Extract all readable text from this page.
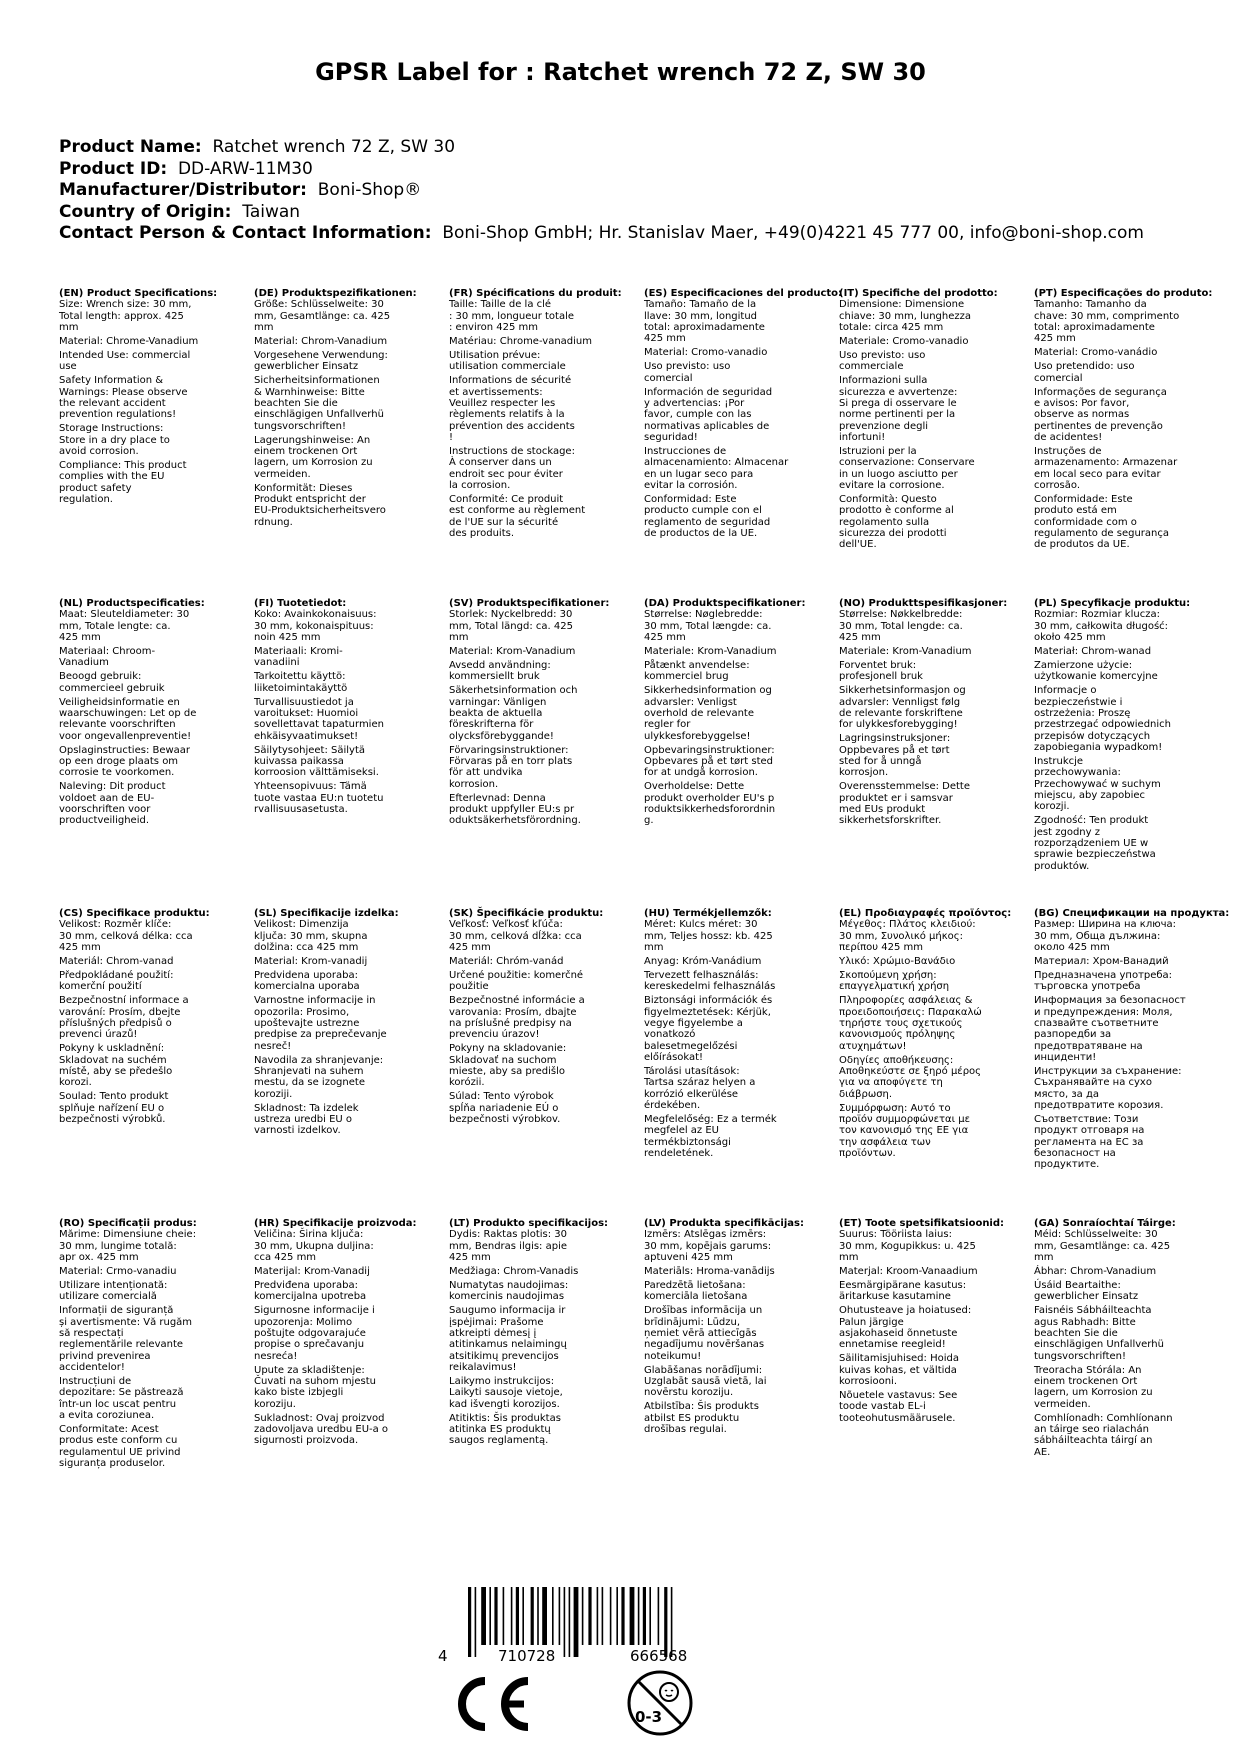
GPSR Label for : Ratchet wrench 72 Z, SW 30
Product Name: Ratchet wrench 72 Z, SW 30
Product ID: DD-ARW-11M30
Manufacturer/Distributor: Boni-Shop®
Country of Origin: Taiwan
Contact Person & Contact Information: Boni-Shop GmbH; Hr. Stanislav Maer, +49(0)4221 45 777 00, info@boni-shop.com
(EN) Product Specifications:

Size: Wrench size: 30 mm,
Total length: approx. 425
mm

Material: Chrome-Vanadium

Intended Use: commercial
use

Safety Information &
Warnings: Please observe
the relevant accident
prevention regulations!

Storage Instructions:
Store in a dry place to
avoid corrosion.

Compliance: This product
complies with the EU
product safety
regulation.

(DE) Produktspezifikationen:

Größe: Schlüsselweite: 30
mm, Gesamtlänge: ca. 425
mm

Material: Chrom-Vanadium

Vorgesehene Verwendung:
gewerblicher Einsatz

Sicherheitsinformationen
& Warnhinweise: Bitte
beachten Sie die
einschlägigen Unfallverhü
tungsvorschriften!

Lagerungshinweise: An
einem trockenen Ort
lagern, um Korrosion zu
vermeiden.

Konformität: Dieses
Produkt entspricht der
EU-Produktsicherheitsvero
rdnung.

(FR) Spécifications du produit:

Taille: Taille de la clé
: 30 mm, longueur totale
: environ 425 mm

Matériau: Chrome-vanadium

Utilisation prévue:
utilisation commerciale

Informations de sécurité
et avertissements:
Veuillez respecter les
règlements relatifs à la
prévention des accidents
!

Instructions de stockage:
À conserver dans un
endroit sec pour éviter
la corrosion.

Conformité: Ce produit
est conforme au règlement
de l'UE sur la sécurité
des produits.

(ES) Especificaciones del producto:

Tamaño: Tamaño de la
llave: 30 mm, longitud
total: aproximadamente
425 mm

Material: Cromo-vanadio

Uso previsto: uso
comercial

Información de seguridad
y advertencias: ¡Por
favor, cumple con las
normativas aplicables de
seguridad!

Instrucciones de
almacenamiento: Almacenar
en un lugar seco para
evitar la corrosión.

Conformidad: Este
producto cumple con el
reglamento de seguridad
de productos de la UE.

(IT) Specifiche del prodotto:

Dimensione: Dimensione
chiave: 30 mm, lunghezza
totale: circa 425 mm

Materiale: Cromo-vanadio

Uso previsto: uso
commerciale

Informazioni sulla
sicurezza e avvertenze:
Si prega di osservare le
norme pertinenti per la
prevenzione degli
infortuni!

Istruzioni per la
conservazione: Conservare
in un luogo asciutto per
evitare la corrosione.

Conformità: Questo
prodotto è conforme al
regolamento sulla
sicurezza dei prodotti
dell'UE.

(PT) Especificações do produto:

Tamanho: Tamanho da
chave: 30 mm, comprimento
total: aproximadamente
425 mm

Material: Cromo-vanádio

Uso pretendido: uso
comercial

Informações de segurança
e avisos: Por favor,
observe as normas
pertinentes de prevenção
de acidentes!

Instruções de
armazenamento: Armazenar
em local seco para evitar
corrosão.

Conformidade: Este
produto está em
conformidade com o
regulamento de segurança
de produtos da UE.

(NL) Productspecificaties:

Maat: Sleuteldiameter: 30
mm, Totale lengte: ca.
425 mm

Materiaal: Chroom-
Vanadium

Beoogd gebruik:
commercieel gebruik

Veiligheidsinformatie en
waarschuwingen: Let op de
relevante voorschriften
voor ongevallenpreventie!

Opslaginstructies: Bewaar
op een droge plaats om
corrosie te voorkomen.

Naleving: Dit product
voldoet aan de EU-
voorschriften voor
productveiligheid.

(FI) Tuotetiedot:

Koko: Avainkokonaisuus:
30 mm, kokonaispituus:
noin 425 mm

Materiaali: Kromi-
vanadiini

Tarkoitettu käyttö:
liiketoimintakäyttö

Turvallisuustiedot ja
varoitukset: Huomioi
sovellettavat tapaturmien
ehkäisyvaatimukset!

Säilytysohjeet: Säilytä
kuivassa paikassa
korroosion välttämiseksi.

Yhteensopivuus: Tämä
tuote vastaa EU:n tuotetu
rvallisuusasetusta.

(SV) Produktspecifikationer:

Storlek: Nyckelbredd: 30
mm, Total längd: ca. 425
mm

Material: Krom-Vanadium

Avsedd användning:
kommersiellt bruk

Säkerhetsinformation och
varningar: Vänligen
beakta de aktuella
föreskrifterna för
olycksförebyggande!

Förvaringsinstruktioner:
Förvaras på en torr plats
för att undvika
korrosion.

Efterlevnad: Denna
produkt uppfyller EU:s pr
oduktsäkerhetsförordning.

(DA) Produktspecifikationer:

Størrelse: Nøglebredde:
30 mm, Total længde: ca.
425 mm

Materiale: Krom-Vanadium

Påtænkt anvendelse:
kommerciel brug

Sikkerhedsinformation og
advarsler: Venligst
overhold de relevante
regler for
ulykkesforebyggelse!

Opbevaringsinstruktioner:
Opbevares på et tørt sted
for at undgå korrosion.

Overholdelse: Dette
produkt overholder EU's p
roduktsikkerhedsforordnin
g.

(NO) Produkttspesifikasjoner:

Størrelse: Nøkkelbredde:
30 mm, Total lengde: ca.
425 mm

Materiale: Krom-Vanadium

Forventet bruk:
profesjonell bruk

Sikkerhetsinformasjon og
advarsler: Vennligst følg
de relevante forskriftene
for ulykkesforebygging!

Lagringsinstruksjoner:
Oppbevares på et tørt
sted for å unngå
korrosjon.

Overensstemmelse: Dette
produktet er i samsvar
med EUs produkt
sikkerhetsforskrifter.

(PL) Specyfikacje produktu:

Rozmiar: Rozmiar klucza:
30 mm, całkowita długość:
około 425 mm

Materiał: Chrom-wanad

Zamierzone użycie:
użytkowanie komercyjne

Informacje o
bezpieczeństwie i
ostrzeżenia: Proszę
przestrzegać odpowiednich
przepisów dotyczących
zapobiegania wypadkom!

Instrukcje
przechowywania:
Przechowywać w suchym
miejscu, aby zapobiec
korozji.

Zgodność: Ten produkt
jest zgodny z
rozporządzeniem UE w
sprawie bezpieczeństwa
produktów.

(CS) Specifikace produktu:

Velikost: Rozměr klíče:
30 mm, celková délka: cca
425 mm

Materiál: Chrom-vanad

Předpokládané použití:
komerční použití

Bezpečnostní informace a
varování: Prosím, dbejte
příslušných předpisů o
prevenci úrazů!

Pokyny k uskladnění:
Skladovat na suchém
místě, aby se předešlo
korozi.

Soulad: Tento produkt
splňuje nařízení EU o
bezpečnosti výrobků.

(SL) Specifikacije izdelka:

Velikost: Dimenzija
ključa: 30 mm, skupna
dolžina: cca 425 mm

Material: Krom-vanadij

Predvidena uporaba:
komercialna uporaba

Varnostne informacije in
opozorila: Prosimo,
upoštevajte ustrezne
predpise za preprečevanje
nesreč!

Navodila za shranjevanje:
Shranjevati na suhem
mestu, da se izognete
koroziji.

Skladnost: Ta izdelek
ustreza uredbi EU o
varnosti izdelkov.

(SK) Špecifikácie produktu:

Veľkosť: Veľkosť kľúča:
30 mm, celková dĺžka: cca
425 mm

Materiál: Chróm-vanád

Určené použitie: komerčné
použitie

Bezpečnostné informácie a
varovania: Prosím, dbajte
na príslušné predpisy na
prevenciu úrazov!

Pokyny na skladovanie:
Skladovať na suchom
mieste, aby sa predišlo
korózii.

Súlad: Tento výrobok
spĺňa nariadenie EÚ o
bezpečnosti výrobkov.

(HU) Termékjellemzők:

Méret: Kulcs méret: 30
mm, Teljes hossz: kb. 425
mm

Anyag: Króm-Vanádium

Tervezett felhasználás:
kereskedelmi felhasználás

Biztonsági információk és
figyelmeztetések: Kérjük,
vegye figyelembe a
vonatkozó
balesetmegelőzési
előírásokat!

Tárolási utasítások:
Tartsa száraz helyen a
korrózió elkerülése
érdekében.

Megfelelőség: Ez a termék
megfelel az EU
termékbiztonsági
rendeletének.

(EL) Προδιαγραφές προϊόντος:

Μέγεθος: Πλάτος κλειδιού:
30 mm, Συνολικό μήκος:
περίπου 425 mm

Υλικό: Χρώμιο-Βανάδιο

Σκοπούμενη χρήση:
επαγγελματική χρήση

Πληροφορίες ασφάλειας &
προειδοποιήσεις: Παρακαλώ
τηρήστε τους σχετικούς
κανονισμούς πρόληψης
ατυχημάτων!

Οδηγίες αποθήκευσης:
Αποθηκεύστε σε ξηρό μέρος
για να αποφύγετε τη
διάβρωση.

Συμμόρφωση: Αυτό το
προϊόν συμμορφώνεται με
τον κανονισμό της ΕΕ για
την ασφάλεια των
προϊόντων.

(BG) Спецификации на продукта:

Размер: Ширина на ключа:
30 mm, Обща дължина:
около 425 mm

Материал: Хром-Ванадий

Предназначена употреба:
търговска употреба

Информация за безопасност
и предупреждения: Моля,
спазвайте съответните
разпоредби за
предотвратяване на
инциденти!

Инструкции за съхранение:
Съхранявайте на сухо
място, за да
предотвратите корозия.

Съответствие: Този
продукт отговаря на
регламента на ЕС за
безопасност на
продуктите.

(RO) Specificații produs:

Mărime: Dimensiune cheie:
30 mm, lungime totală:
apr ox. 425 mm

Material: Crmo-vanadiu

Utilizare intenționată:
utilizare comercială

Informații de siguranță
și avertismente: Vă rugăm
să respectați
reglementările relevante
privind prevenirea
accidentelor!

Instrucțiuni de
depozitare: Se păstrează
într-un loc uscat pentru
a evita coroziunea.

Conformitate: Acest
produs este conform cu
regulamentul UE privind
siguranța produselor.

(HR) Specifikacije proizvoda:

Veličina: Širina ključa:
30 mm, Ukupna duljina:
cca 425 mm

Materijal: Krom-Vanadij

Predviđena uporaba:
komercijalna upotreba

Sigurnosne informacije i
upozorenja: Molimo
poštujte odgovarajuće
propise o sprečavanju
nesreća!

Upute za skladištenje:
Čuvati na suhom mjestu
kako biste izbjegli
koroziju.

Sukladnost: Ovaj proizvod
zadovoljava uredbu EU-a o
sigurnosti proizvoda.

(LT) Produkto specifikacijos:

Dydis: Raktas plotis: 30
mm, Bendras ilgis: apie
425 mm

Medžiaga: Chrom-Vanadis

Numatytas naudojimas:
komercinis naudojimas

Saugumo informacija ir
įspėjimai: Prašome
atkreipti dėmesį į
atitinkamus nelaimingų
atsitikimų prevencijos
reikalavimus!

Laikymo instrukcijos:
Laikyti sausoje vietoje,
kad išvengti korozijos.

Atitiktis: Šis produktas
atitinka ES produktų
saugos reglamentą.

(LV) Produkta specifikācijas:

Izmērs: Atslēgas izmērs:
30 mm, kopējais garums:
aptuveni 425 mm

Materiāls: Hroma-vanādijs

Paredzētā lietošana:
komerciāla lietošana

Drošības informācija un
brīdinājumi: Lūdzu,
ņemiet vērā attiecīgās
negadījumu novēršanas
noteikumu!

Glabāšanas norādījumi:
Uzglabāt sausā vietā, lai
novērstu koroziju.

Atbilstība: Šis produkts
atbilst ES produktu
drošības regulai.

(ET) Toote spetsifikatsioonid:

Suurus: Tööriista laius:
30 mm, Kogupikkus: u. 425
mm

Materjal: Kroom-Vanaadium

Eesmärgipärane kasutus:
äritarkuse kasutamine

Ohutusteave ja hoiatused:
Palun järgige
asjakohaseid õnnetuste
ennetamise reegleid!

Säilitamisjuhised: Hoida
kuivas kohas, et vältida
korrosiooni.

Nõuetele vastavus: See
toode vastab EL-i
tooteohutusmäärusele.

(GA) Sonraíochtaí Táirge:

Méid: Schlüsselweite: 30
mm, Gesamtlänge: ca. 425
mm

Ábhar: Chrom-Vanadium

Úsáid Beartaithe:
gewerblicher Einsatz

Faisnéis Sábháilteachta
agus Rabhadh: Bitte
beachten Sie die
einschlägigen Unfallverhü
tungsvorschriften!

Treoracha Stórála: An
einem trockenen Ort
lagern, um Korrosion zu
vermeiden.

Comhlíonadh: Comhlíonann
an táirge seo rialachán
sábháilteachta táirgí an
AE.

4	710728	666568
0-3
